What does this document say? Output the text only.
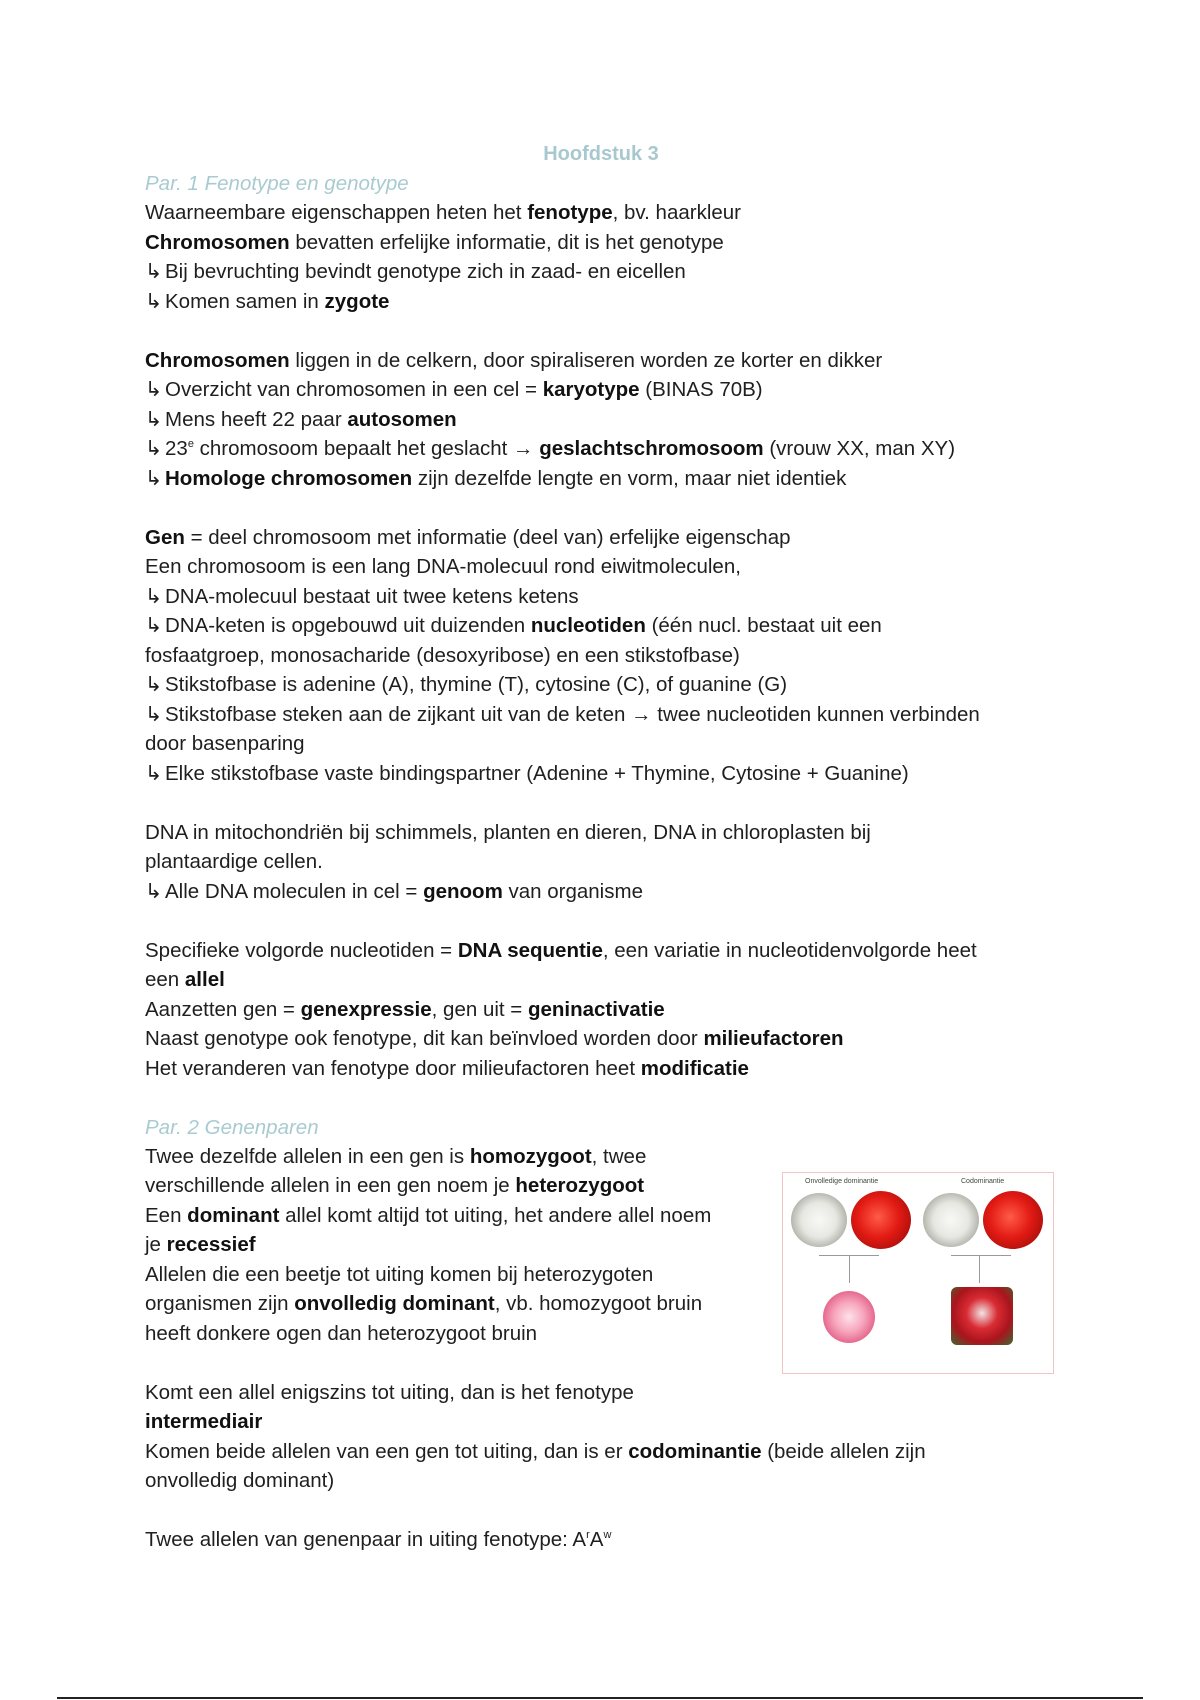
Hoofdstuk 3
Par. 1 Fenotype en genotype

Waarneembare eigenschappen heten het fenotype, bv. haarkleur

Chromosomen bevatten erfelijke informatie, dit is het genotype

↳ Bij bevruchting bevindt genotype zich in zaad- en eicellen

↳ Komen samen in zygote

Chromosomen liggen in de celkern, door spiraliseren worden ze korter en dikker

↳ Overzicht van chromosomen in een cel = karyotype (BINAS 70B)

↳ Mens heeft 22 paar autosomen

↳ 23e chromosoom bepaalt het geslacht → geslachtschromosoom (vrouw XX, man XY)

↳ Homologe chromosomen zijn dezelfde lengte en vorm, maar niet identiek

Gen = deel chromosoom met informatie (deel van) erfelijke eigenschap

Een chromosoom is een lang DNA-molecuul rond eiwitmoleculen,

↳ DNA-molecuul bestaat uit twee ketens ketens

↳ DNA-keten is opgebouwd uit duizenden nucleotiden (één nucl. bestaat uit een

fosfaatgroep, monosacharide (desoxyribose) en een stikstofbase)

↳ Stikstofbase is adenine (A), thymine (T), cytosine (C), of guanine (G)

↳ Stikstofbase steken aan de zijkant uit van de keten → twee nucleotiden kunnen verbinden

door basenparing

↳ Elke stikstofbase vaste bindingspartner (Adenine + Thymine, Cytosine + Guanine)

DNA in mitochondriën bij schimmels, planten en dieren, DNA in chloroplasten bij

plantaardige cellen.

↳ Alle DNA moleculen in cel = genoom van organisme

Specifieke volgorde nucleotiden = DNA sequentie, een variatie in nucleotidenvolgorde heet

een allel

Aanzetten gen = genexpressie, gen uit = geninactivatie

Naast genotype ook fenotype, dit kan beïnvloed worden door milieufactoren

Het veranderen van fenotype door milieufactoren heet modificatie

Par. 2 Genenparen

Twee dezelfde allelen in een gen is homozygoot, twee

verschillende allelen in een gen noem je heterozygoot

Een dominant allel komt altijd tot uiting, het andere allel noem

je recessief

Allelen die een beetje tot uiting komen bij heterozygoten

organismen zijn onvolledig dominant, vb. homozygoot bruin

heeft donkere ogen dan heterozygoot bruin

Komt een allel enigszins tot uiting, dan is het fenotype

intermediair

Komen beide allelen van een gen tot uiting, dan is er codominantie (beide allelen zijn

onvolledig dominant)

Twee allelen van genenpaar in uiting fenotype: $A^rA^w$

Onvolledige dominantie	Codominantie
